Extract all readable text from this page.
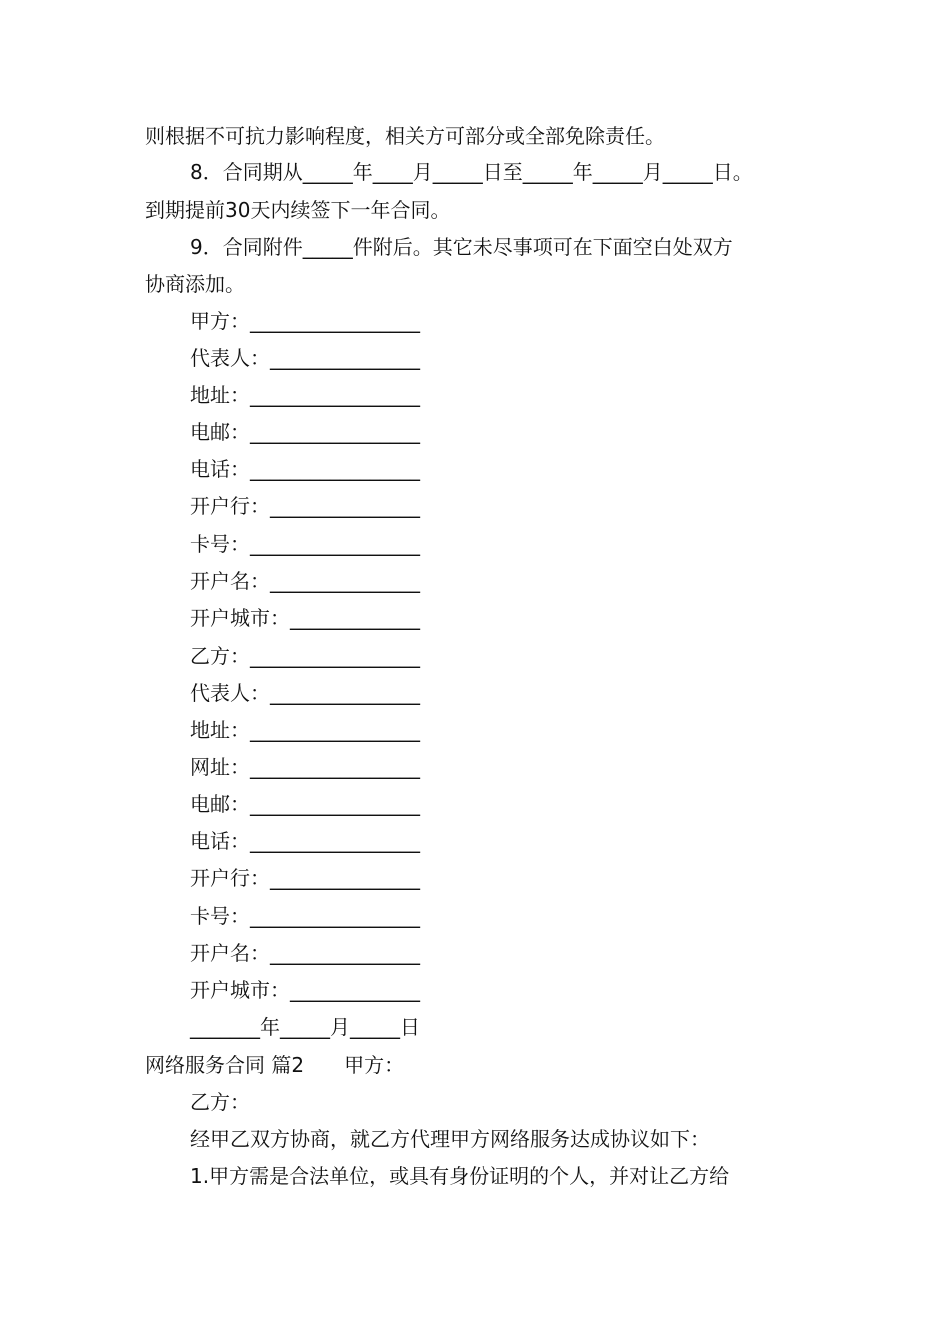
则根据不可抗力影响程度，相关方可部分或全部免除责任。
8．合同期从_____年____月_____日至_____年_____月_____日。
到期提前30天内续签下一年合同。
9．合同附件_____件附后。其它未尽事项可在下面空白处双方
协商添加。
甲方：_________________
代表人：_______________
地址：_________________
电邮：_________________
电话：_________________
开户行：_______________
卡号：_________________
开户名：_______________
开户城市：_____________
乙方：_________________
代表人：_______________
地址：_________________
网址：_________________
电邮：_________________
电话：_________________
开户行：_______________
卡号：_________________
开户名：_______________
开户城市：_____________
_______年_____月_____日
网络服务合同 篇2　　甲方：
乙方：
经甲乙双方协商，就乙方代理甲方网络服务达成协议如下：
1.甲方需是合法单位，或具有身份证明的个人，并对让乙方给
